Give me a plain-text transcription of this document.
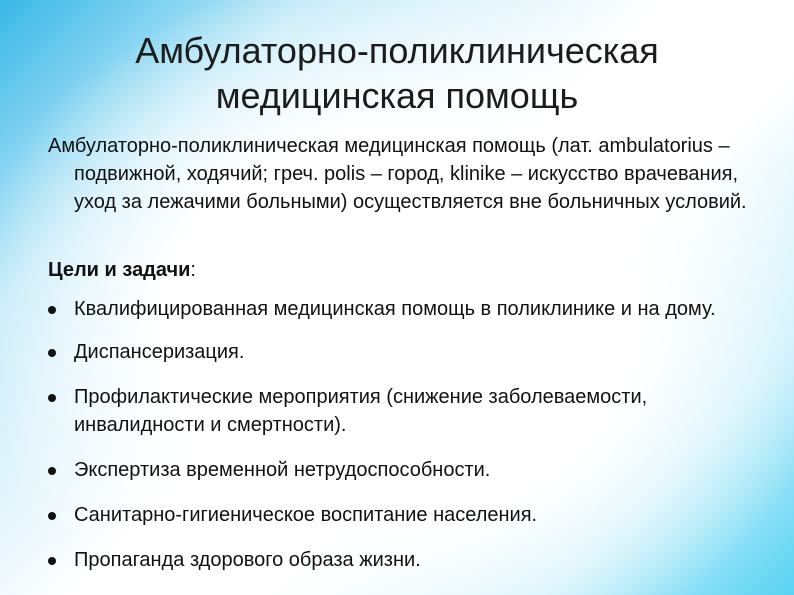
Амбулаторно-поликлиническая
медицинская помощь

Амбулаторно-поликлиническая медицинская помощь (лат. ambulatorius – подвижной, ходячий; греч. polis – город, klinike – искусство врачевания, уход за лежачими больными) осуществляется вне больничных условий.

Цели и задачи:

Квалифицированная медицинская помощь в поликлинике и на дому.
Диспансеризация.
Профилактические мероприятия (снижение заболеваемости, инвалидности и смертности).
Экспертиза временной нетрудоспособности.
Санитарно-гигиеническое воспитание населения.
Пропаганда здорового образа жизни.
